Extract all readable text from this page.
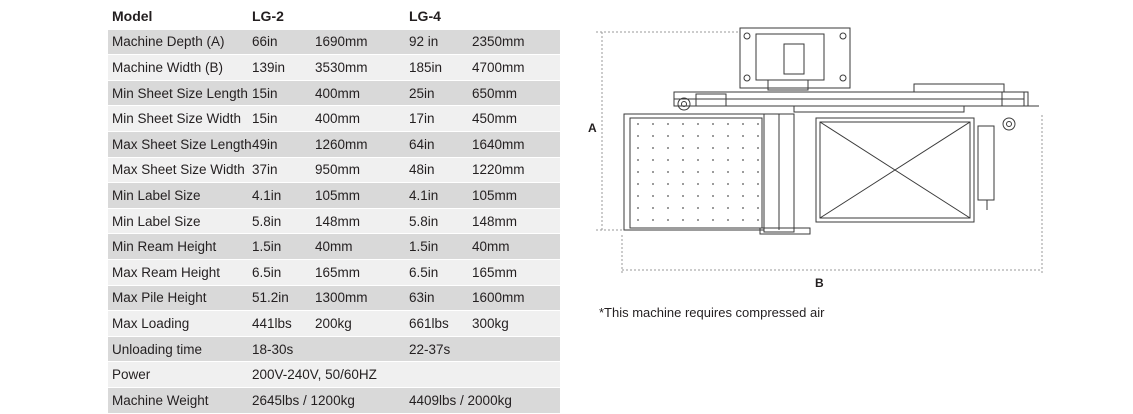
Model	LG-2		LG-4	
Machine Depth (A)	66in	1690mm	92 in	2350mm
Machine Width (B)	139in	3530mm	185in	4700mm
Min Sheet Size Length	15in	400mm	25in	650mm
Min Sheet Size Width	15in	400mm	17in	450mm
Max Sheet Size Length	49in	1260mm	64in	1640mm
Max Sheet Size Width	37in	950mm	48in	1220mm
Min Label Size	4.1in	105mm	4.1in	105mm
Min Label Size	5.8in	148mm	5.8in	148mm
Min Ream Height	1.5in	40mm	1.5in	40mm
Max Ream Height	6.5in	165mm	6.5in	165mm
Max Pile Height	51.2in	1300mm	63in	1600mm
Max Loading	441lbs	200kg	661lbs	300kg
Unloading time	18-30s		22-37s	
Power	200V-240V, 50/60HZ			
Machine Weight	2645lbs / 1200kg		4409lbs / 2000kg	
A
B
*This machine requires compressed air
